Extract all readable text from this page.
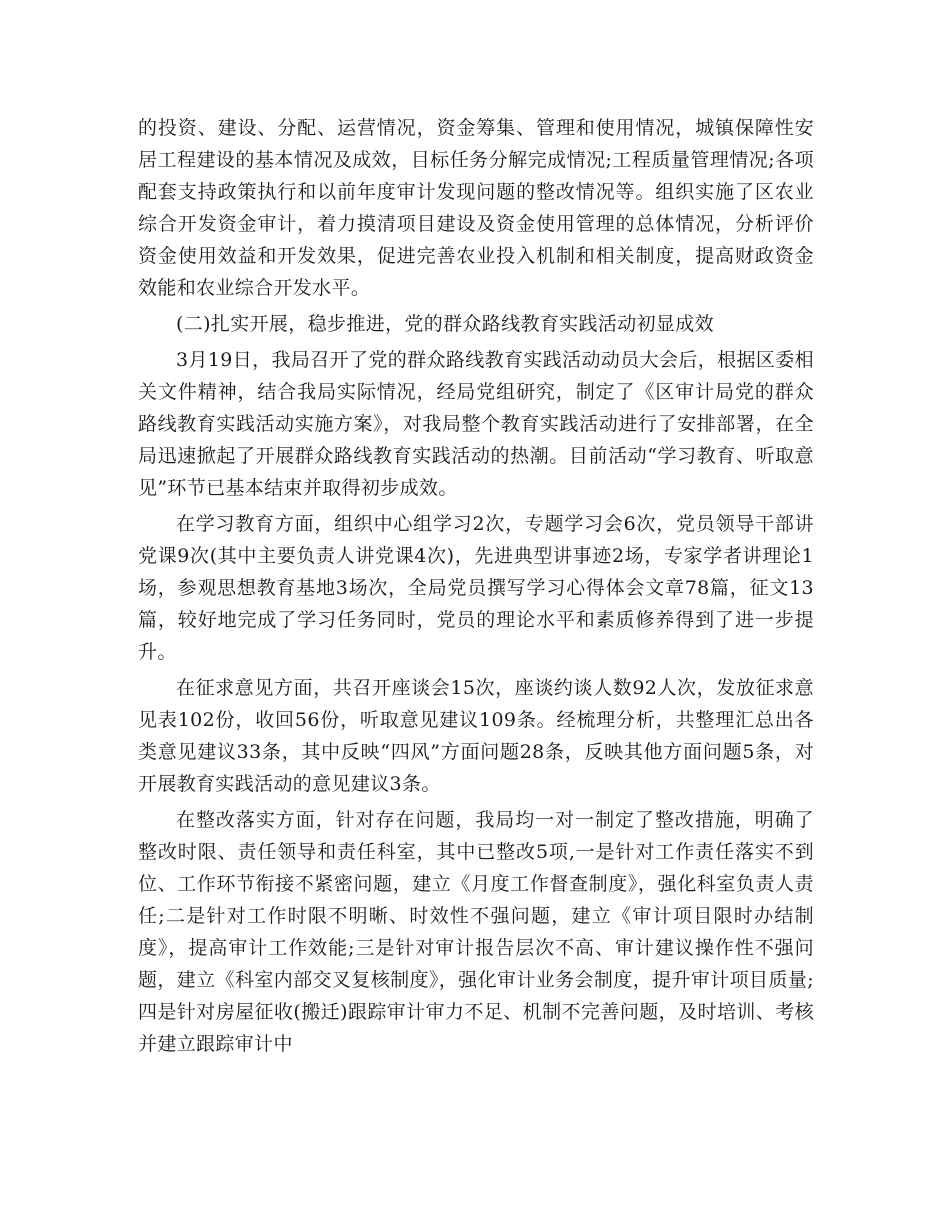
的投资、建设、分配、运营情况，资金筹集、管理和使用情况，城镇保障性安居工程建设的基本情况及成效，目标任务分解完成情况;工程质量管理情况;各项配套支持政策执行和以前年度审计发现问题的整改情况等。组织实施了区农业综合开发资金审计，着力摸清项目建设及资金使用管理的总体情况，分析评价资金使用效益和开发效果，促进完善农业投入机制和相关制度，提高财政资金效能和农业综合开发水平。

(二)扎实开展，稳步推进，党的群众路线教育实践活动初显成效

3月19日，我局召开了党的群众路线教育实践活动动员大会后，根据区委相关文件精神，结合我局实际情况，经局党组研究，制定了《区审计局党的群众路线教育实践活动实施方案》，对我局整个教育实践活动进行了安排部署，在全局迅速掀起了开展群众路线教育实践活动的热潮。目前活动“学习教育、听取意见”环节已基本结束并取得初步成效。

在学习教育方面，组织中心组学习2次，专题学习会6次，党员领导干部讲党课9次(其中主要负责人讲党课4次)，先进典型讲事迹2场，专家学者讲理论1场，参观思想教育基地3场次，全局党员撰写学习心得体会文章78篇，征文13篇，较好地完成了学习任务同时，党员的理论水平和素质修养得到了进一步提升。

在征求意见方面，共召开座谈会15次，座谈约谈人数92人次，发放征求意见表102份，收回56份，听取意见建议109条。经梳理分析，共整理汇总出各类意见建议33条，其中反映“四风”方面问题28条，反映其他方面问题5条，对开展教育实践活动的意见建议3条。

在整改落实方面，针对存在问题，我局均一对一制定了整改措施，明确了整改时限、责任领导和责任科室，其中已整改5项,一是针对工作责任落实不到位、工作环节衔接不紧密问题，建立《月度工作督查制度》，强化科室负责人责任;二是针对工作时限不明晰、时效性不强问题，建立《审计项目限时办结制度》，提高审计工作效能;三是针对审计报告层次不高、审计建议操作性不强问题，建立《科室内部交叉复核制度》，强化审计业务会制度，提升审计项目质量;四是针对房屋征收(搬迁)跟踪审计审力不足、机制不完善问题，及时培训、考核并建立跟踪审计中
